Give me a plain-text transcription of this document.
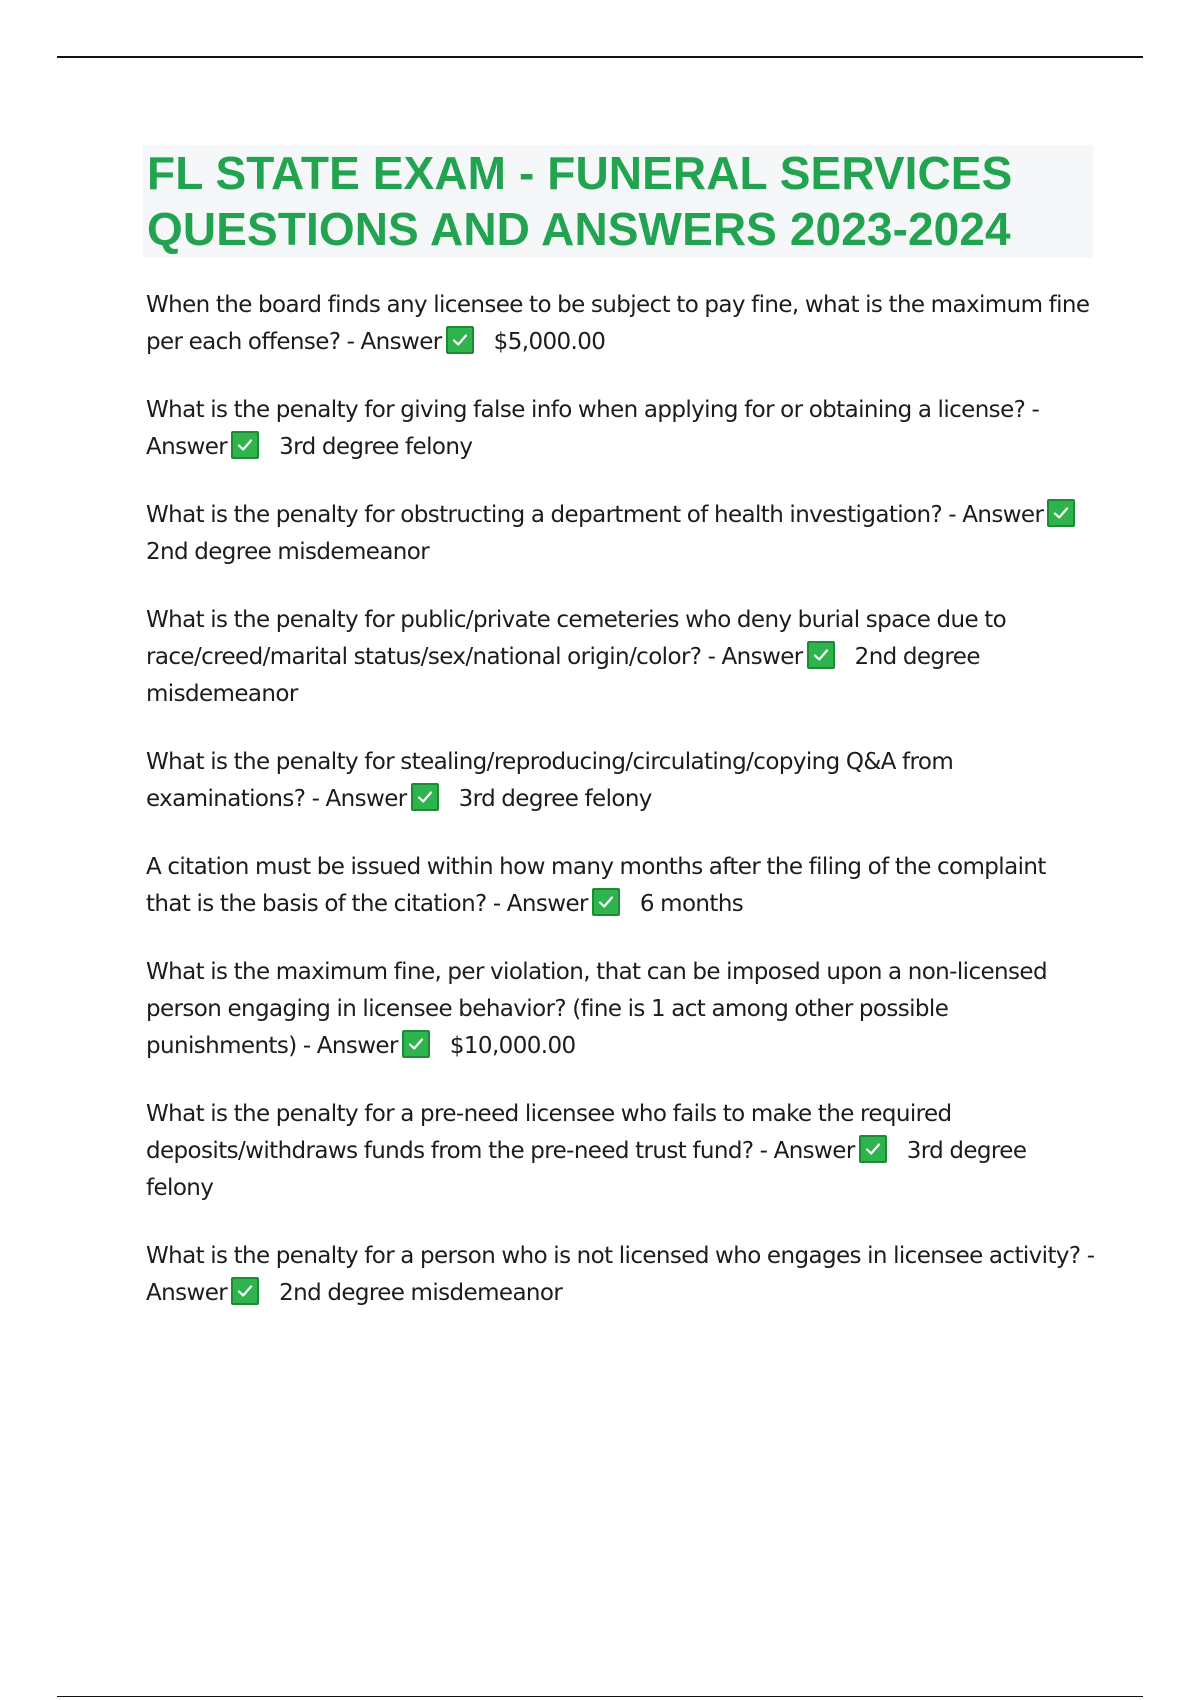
FL STATE EXAM - FUNERAL SERVICES
QUESTIONS AND ANSWERS 2023-2024
When the board finds any licensee to be subject to pay fine, what is the maximum fine per each offense? - Answer $5,000.00
What is the penalty for giving false info when applying for or obtaining a license? - Answer 3rd degree felony
What is the penalty for obstructing a department of health investigation? - Answer
2nd degree misdemeanor
What is the penalty for public/private cemeteries who deny burial space due to race/creed/marital status/sex/national origin/color? - Answer 2nd degree misdemeanor
What is the penalty for stealing/reproducing/circulating/copying Q&A from examinations? - Answer 3rd degree felony
A citation must be issued within how many months after the filing of the complaint that is the basis of the citation? - Answer 6 months
What is the maximum fine, per violation, that can be imposed upon a non-licensed person engaging in licensee behavior? (fine is 1 act among other possible punishments) - Answer $10,000.00
What is the penalty for a pre-need licensee who fails to make the required deposits/withdraws funds from the pre-need trust fund? - Answer 3rd degree felony
What is the penalty for a person who is not licensed who engages in licensee activity? - Answer 2nd degree misdemeanor
